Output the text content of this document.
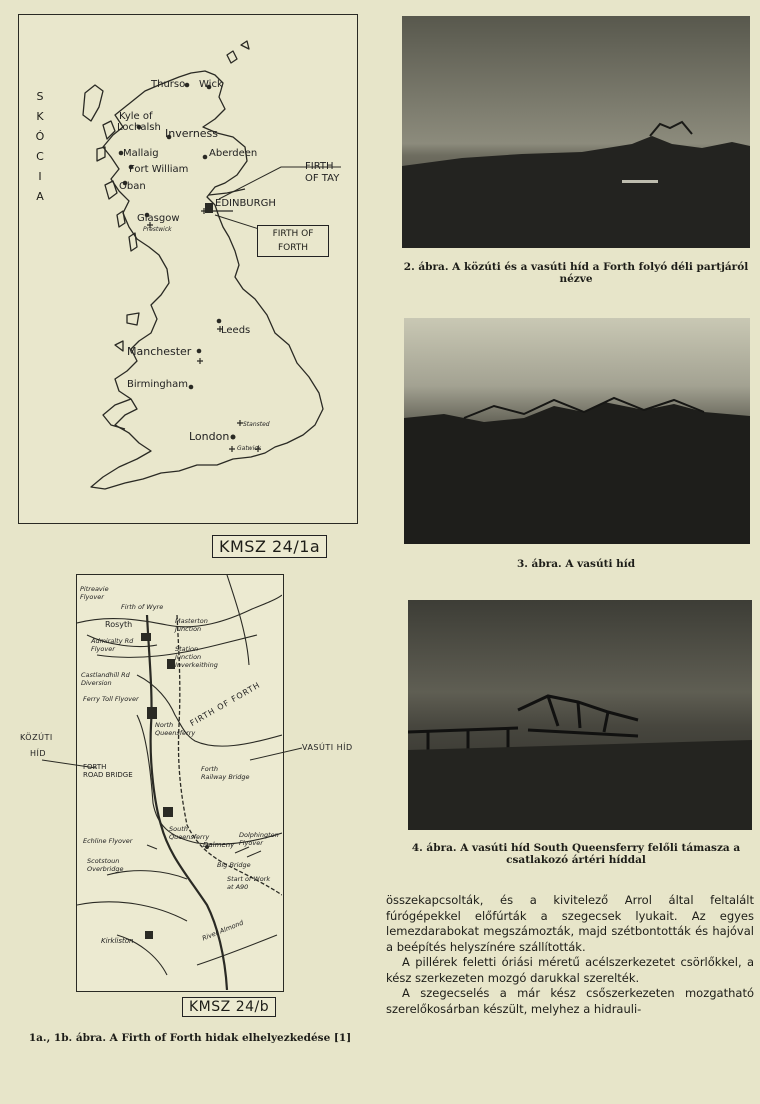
S
K
Ó
C
I
A
Thurso Wick
Kyle of
Lochalsh Inverness
Mallaig	Aberdeen
Fort William
Oban
EDINBURGH
Glasgow
Prestwick
Leeds
Manchester
Birmingham
London
Stansted
Gatwick
FIRTH
OF TAY
FIRTH OF
FORTH
KMSZ 24/1a
Pitreavie
Flyover
Firth of Wyre
Rosyth	Masterton
Junction
Admiralty Rd
Flyover	Station
Junction
Inverkeithing
Castlandhill Rd
Diversion
Ferry Toll Flyover
North
Queensferry
FIRTH OF FORTH
FORTH
ROAD BRIDGE
Forth
Railway Bridge
South
Queensferry
Dalmeny
Echline Flyover
Dolphington
Flyover
Scotstoun
Overbridge	Big Bridge
Start of Work
at A90
Kirkliston	River Almond
KÖZÚTI
HÍD
VASÚTI HÍD
KMSZ 24/b
1a., 1b. ábra. A Firth of Forth hidak elhelyezkedése [1]
2. ábra. A közúti és a vasúti híd a Forth folyó déli partjáról nézve
3. ábra. A vasúti híd
4. ábra. A vasúti híd South Queensferry felőli támasza a csatlakozó ártéri híddal

összekapcsolták, és a kivitelező Arrol által feltalált fúrógépekkel előfúrták a szegecsek lyukait. Az egyes lemezdarabokat megszámozták, majd szétbontották és hajóval a beépítés helyszínére szállították.

A pillérek feletti óriási méretű acélszerkezetet csörlőkkel, a kész szerkezeten mozgó darukkal szerelték.

A szegecselés a már kész csőszerkezeten mozgatható szerelőkosárban készült, melyhez a hidrauli-
